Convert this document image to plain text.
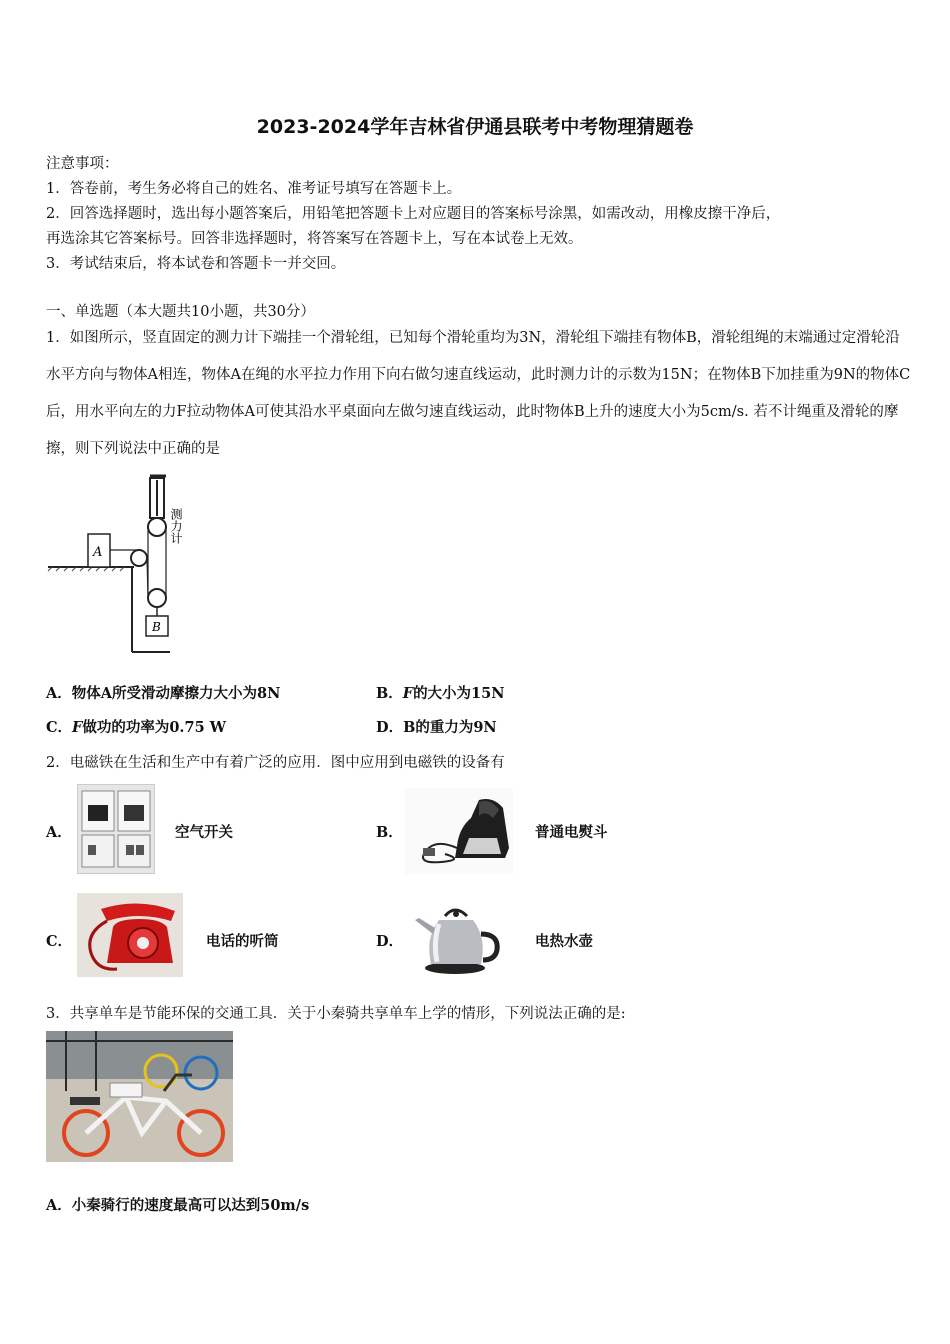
2023-2024学年吉林省伊通县联考中考物理猜题卷
注意事项：
1．答卷前，考生务必将自己的姓名、准考证号填写在答题卡上。
2．回答选择题时，选出每小题答案后，用铅笔把答题卡上对应题目的答案标号涂黑，如需改动，用橡皮擦干净后，
再选涂其它答案标号。回答非选择题时，将答案写在答题卡上，写在本试卷上无效。
3．考试结束后，将本试卷和答题卡一并交回。
一、单选题（本大题共10小题，共30分）
1．如图所示，竖直固定的测力计下端挂一个滑轮组，已知每个滑轮重均为3N，滑轮组下端挂有物体B，滑轮组绳的末端通过定滑轮沿水平方向与物体A相连，物体A在绳的水平拉力作用下向右做匀速直线运动，此时测力计的示数为15N；在物体B下加挂重为9N的物体C后，用水平向左的力F拉动物体A可使其沿水平桌面向左做匀速直线运动，此时物体B上升的速度大小为5cm/s. 若不计绳重及滑轮的摩擦，则下列说法中正确的是
A
B
测力计
A．物体A所受滑动摩擦力大小为8N	B．F的大小为15N
C．F做功的功率为0.75 W	D．B的重力为9N
2．电磁铁在生活和生产中有着广泛的应用．图中应用到电磁铁的设备有
A．	空气开关	B．	普通电熨斗
C．	电话的听筒	D．	电热水壶
3．共享单车是节能环保的交通工具．关于小秦骑共享单车上学的情形，下列说法正确的是:
A．小秦骑行的速度最高可以达到50m/s
